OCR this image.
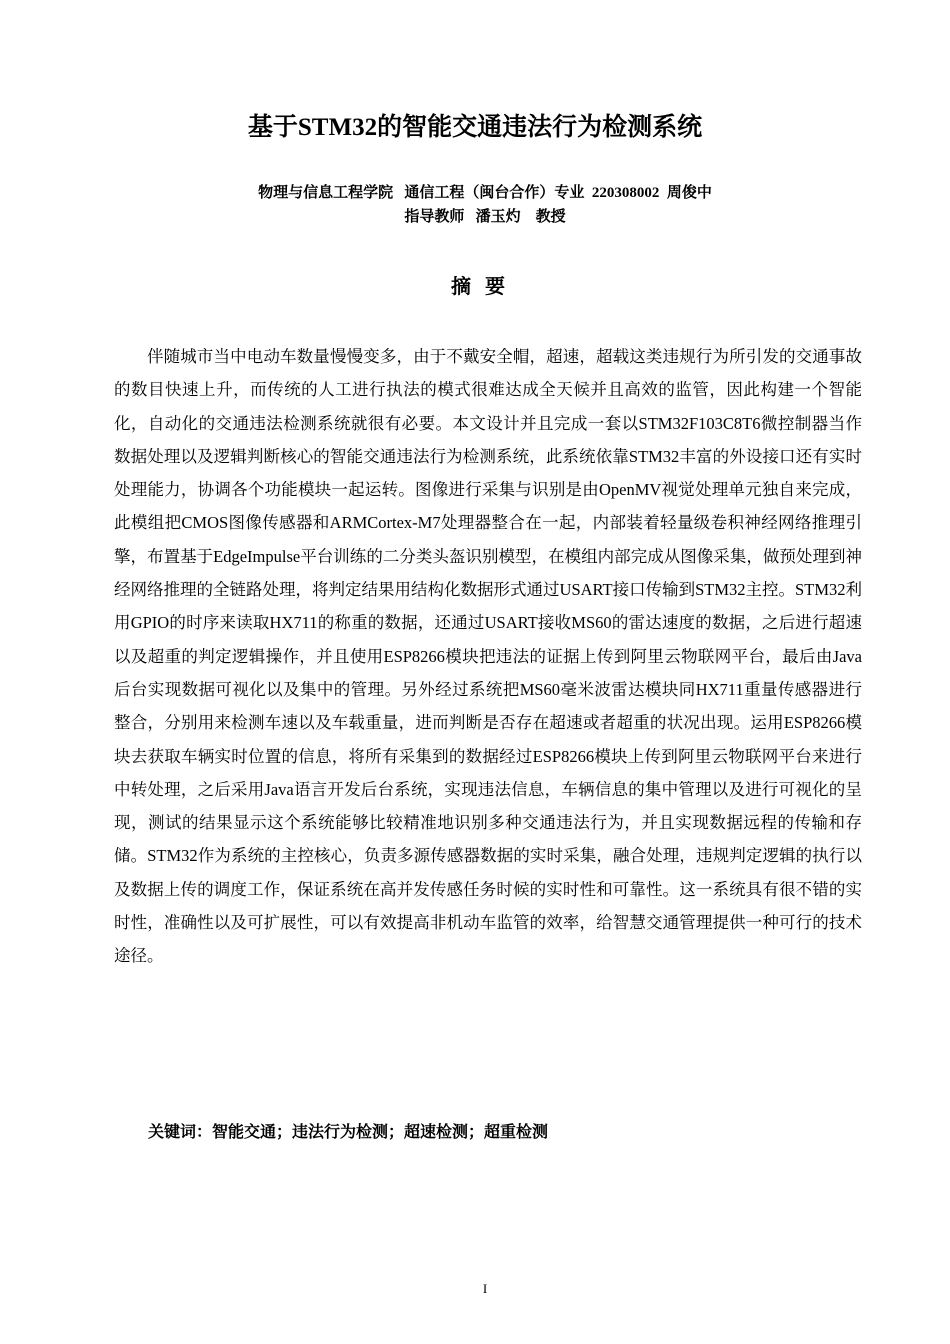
基于STM32的智能交通违法行为检测系统

物理与信息工程学院   通信工程（闽台合作）专业  220308002  周俊中

指导教师   潘玉灼    教授

摘要

伴随城市当中电动车数量慢慢变多，由于不戴安全帽，超速，超载这类违规行为所引发的交通事故的数目快速上升，而传统的人工进行执法的模式很难达成全天候并且高效的监管，因此构建一个智能化，自动化的交通违法检测系统就很有必要。本文设计并且完成一套以STM32F103C8T6微控制器当作数据处理以及逻辑判断核心的智能交通违法行为检测系统，此系统依靠STM32丰富的外设接口还有实时处理能力，协调各个功能模块一起运转。图像进行采集与识别是由OpenMV视觉处理单元独自来完成，此模组把CMOS图像传感器和ARMCortex-M7处理器整合在一起，内部装着轻量级卷积神经网络推理引擎，布置基于EdgeImpulse平台训练的二分类头盔识别模型，在模组内部完成从图像采集，做预处理到神经网络推理的全链路处理，将判定结果用结构化数据形式通过USART接口传输到STM32主控。STM32利用GPIO的时序来读取HX711的称重的数据，还通过USART接收MS60的雷达速度的数据，之后进行超速以及超重的判定逻辑操作，并且使用ESP8266模块把违法的证据上传到阿里云物联网平台，最后由Java后台实现数据可视化以及集中的管理。另外经过系统把MS60毫米波雷达模块同HX711重量传感器进行整合，分别用来检测车速以及车载重量，进而判断是否存在超速或者超重的状况出现。运用ESP8266模块去获取车辆实时位置的信息，将所有采集到的数据经过ESP8266模块上传到阿里云物联网平台来进行中转处理，之后采用Java语言开发后台系统，实现违法信息，车辆信息的集中管理以及进行可视化的呈现，测试的结果显示这个系统能够比较精准地识别多种交通违法行为，并且实现数据远程的传输和存储。STM32作为系统的主控核心，负责多源传感器数据的实时采集，融合处理，违规判定逻辑的执行以及数据上传的调度工作，保证系统在高并发传感任务时候的实时性和可靠性。这一系统具有很不错的实时性，准确性以及可扩展性，可以有效提高非机动车监管的效率，给智慧交通管理提供一种可行的技术途径。

关键词：智能交通；违法行为检测；超速检测；超重检测

I
